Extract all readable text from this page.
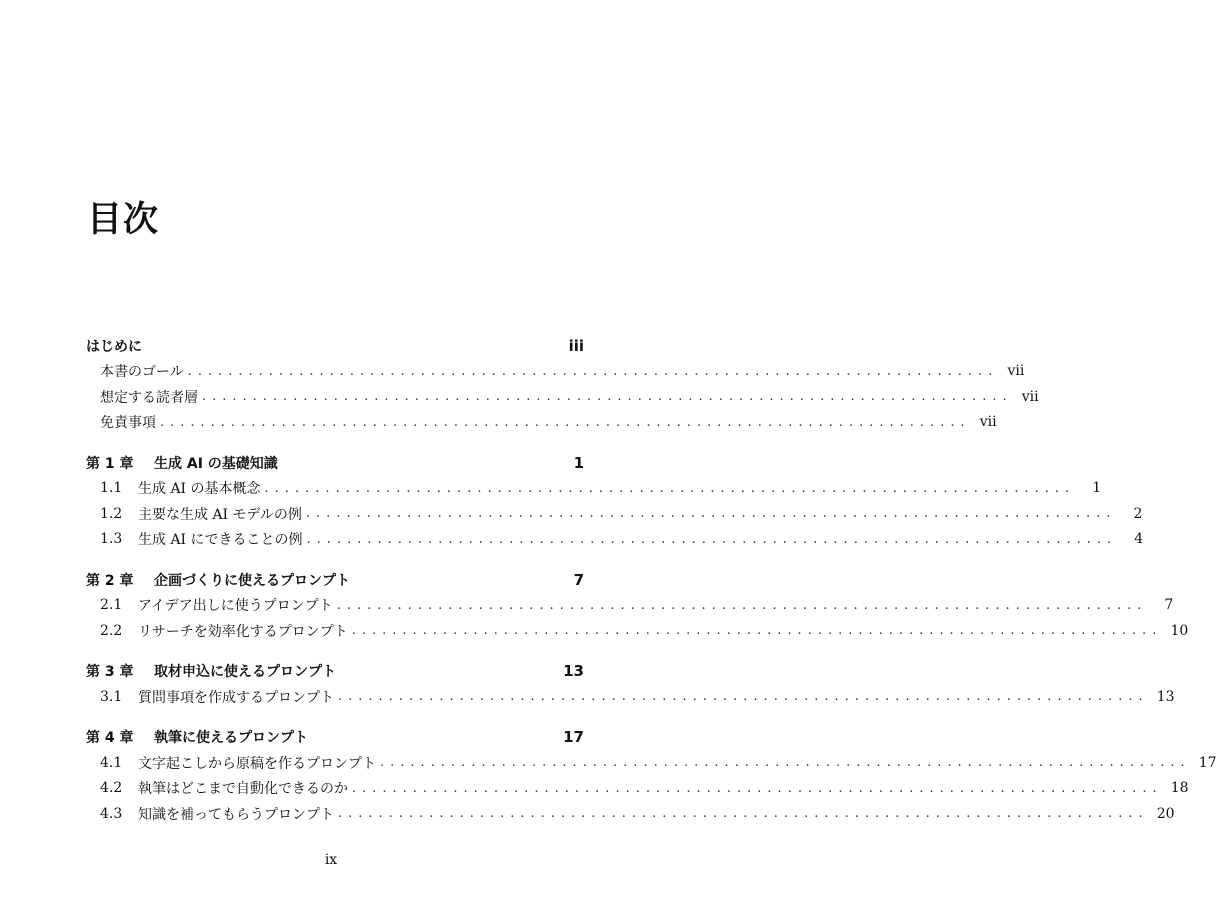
目次
はじめに	iii
本書のゴール ................................................................................ vii
想定する読者層 ................................................................................ vii
免責事項 ................................................................................ vii
第 1 章	生成 AI の基礎知識	1
1.1	生成 AI の基本概念 ................................................................................	1
1.2	主要な生成 AI モデルの例 ................................................................................	2
1.3	生成 AI にできることの例 ................................................................................	4
第 2 章	企画づくりに使えるプロンプト	7
2.1	アイデア出しに使うプロンプト ................................................................................	7
2.2	リサーチを効率化するプロンプト ................................................................................ 10
第 3 章	取材申込に使えるプロンプト	13
3.1	質問事項を作成するプロンプト ................................................................................ 13
第 4 章	執筆に使えるプロンプト	17
4.1	文字起こしから原稿を作るプロンプト ................................................................................ 17
4.2	執筆はどこまで自動化できるのか ................................................................................ 18
4.3	知識を補ってもらうプロンプト ................................................................................ 20
ix
